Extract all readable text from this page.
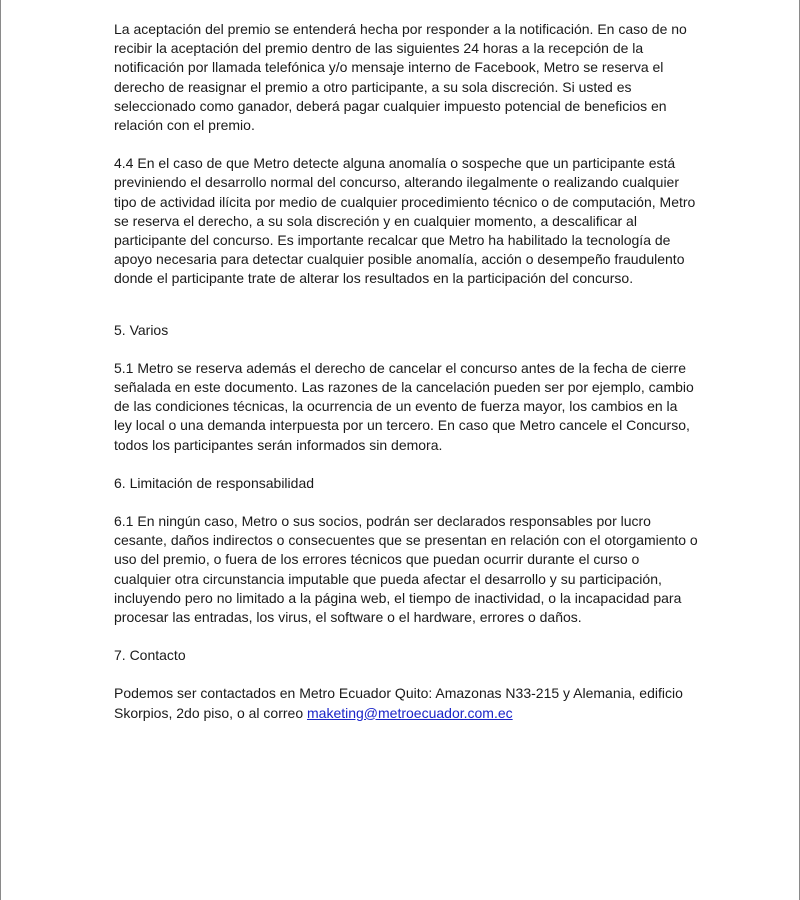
La aceptación del premio se entenderá hecha por responder a la notificación. En caso de no recibir la aceptación del premio dentro de las siguientes 24 horas a la recepción de la notificación por llamada telefónica y/o mensaje interno de Facebook, Metro se reserva el derecho de reasignar el premio a otro participante, a su sola discreción. Si usted es seleccionado como ganador, deberá pagar cualquier impuesto potencial de beneficios en relación con el premio.

4.4 En el caso de que Metro detecte alguna anomalía o sospeche que un participante está previniendo el desarrollo normal del concurso, alterando ilegalmente o realizando cualquier tipo de actividad ilícita por medio de cualquier procedimiento técnico o de computación, Metro se reserva el derecho, a su sola discreción y en cualquier momento, a descalificar al participante del concurso. Es importante recalcar que Metro ha habilitado la tecnología de apoyo necesaria para detectar cualquier posible anomalía, acción o desempeño fraudulento donde el participante trate de alterar los resultados en la participación del concurso.

5. Varios

5.1 Metro se reserva además el derecho de cancelar el concurso antes de la fecha de cierre señalada en este documento. Las razones de la cancelación pueden ser por ejemplo, cambio de las condiciones técnicas, la ocurrencia de un evento de fuerza mayor, los cambios en la ley local o una demanda interpuesta por un tercero. En caso que Metro cancele el Concurso, todos los participantes serán informados sin demora.

6. Limitación de responsabilidad

6.1 En ningún caso, Metro o sus socios, podrán ser declarados responsables por lucro cesante, daños indirectos o consecuentes que se presentan en relación con el otorgamiento o uso del premio, o fuera de los errores técnicos que puedan ocurrir durante el curso o cualquier otra circunstancia imputable que pueda afectar el desarrollo y su participación, incluyendo pero no limitado a la página web, el tiempo de inactividad, o la incapacidad para procesar las entradas, los virus, el software o el hardware, errores o daños.

7. Contacto

Podemos ser contactados en Metro Ecuador Quito: Amazonas N33-215 y Alemania, edificio Skorpios, 2do piso, o al correo maketing@metroecuador.com.ec
